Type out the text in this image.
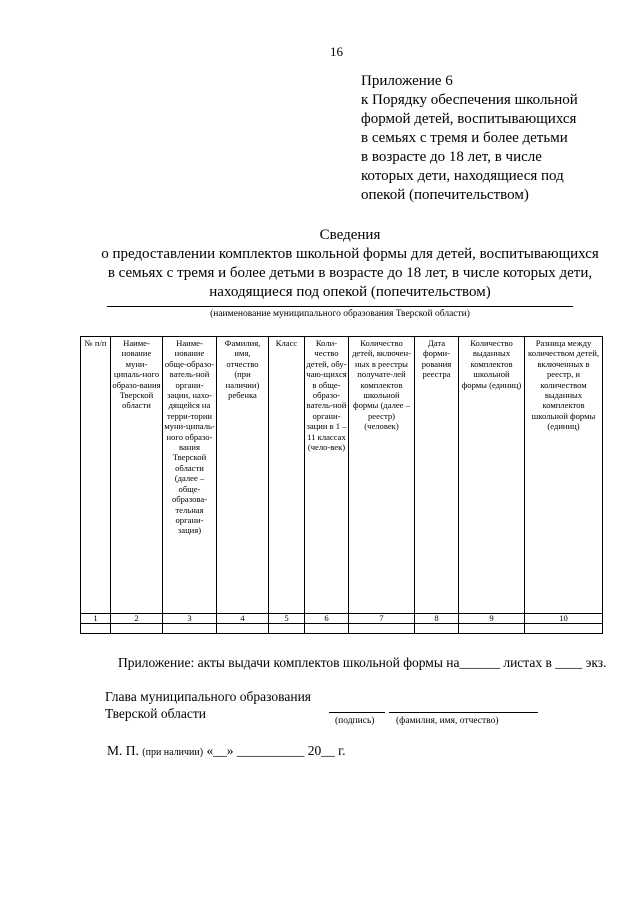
16
Приложение 6
к Порядку обеспечения школьной
формой детей, воспитывающихся
в семьях с тремя и более детьми
в возрасте до 18 лет, в числе
которых дети, находящиеся под
опекой (попечительством)
Сведения
о предоставлении комплектов школьной формы для детей, воспитывающихся
в семьях с тремя и более детьми в возрасте до 18 лет, в числе которых дети,
находящиеся под опекой (попечительством)
(наименование муниципального образования Тверской области)
№ п/п	Наиме-нование муни-ципаль-ного образо-вания Тверской области	Наиме-нование обще-образо-ватель-ной органи-зации, нахо-дящейся на терри-тории муни-ципаль-ного образо-вания Тверской области (далее – обще-образова-тельная органи-зация)	Фамилия, имя, отчество (при наличии) ребенка	Класс	Коли-чество детей, обу-чаю-щихся в обще-образо-ватель-ной органи-зации в 1 – 11 классах (чело-век)	Количество детей, включен-ных в реестры получате-лей комплектов школьной формы (далее – реестр) (человек)	Дата форми-рования реестра	Количество выданных комплектов школьной формы (единиц)	Разница между количеством детей, включенных в реестр, и количеством выданных комплектов школьной формы (единиц)
1	2	3	4	5	6	7	8	9	10

Приложение: акты выдачи комплектов школьной формы на______ листах в ____ экз.
Глава муниципального образования
Тверской области	(подпись) (фамилия, имя, отчество)
М. П. (при наличии) «__» __________ 20__ г.
